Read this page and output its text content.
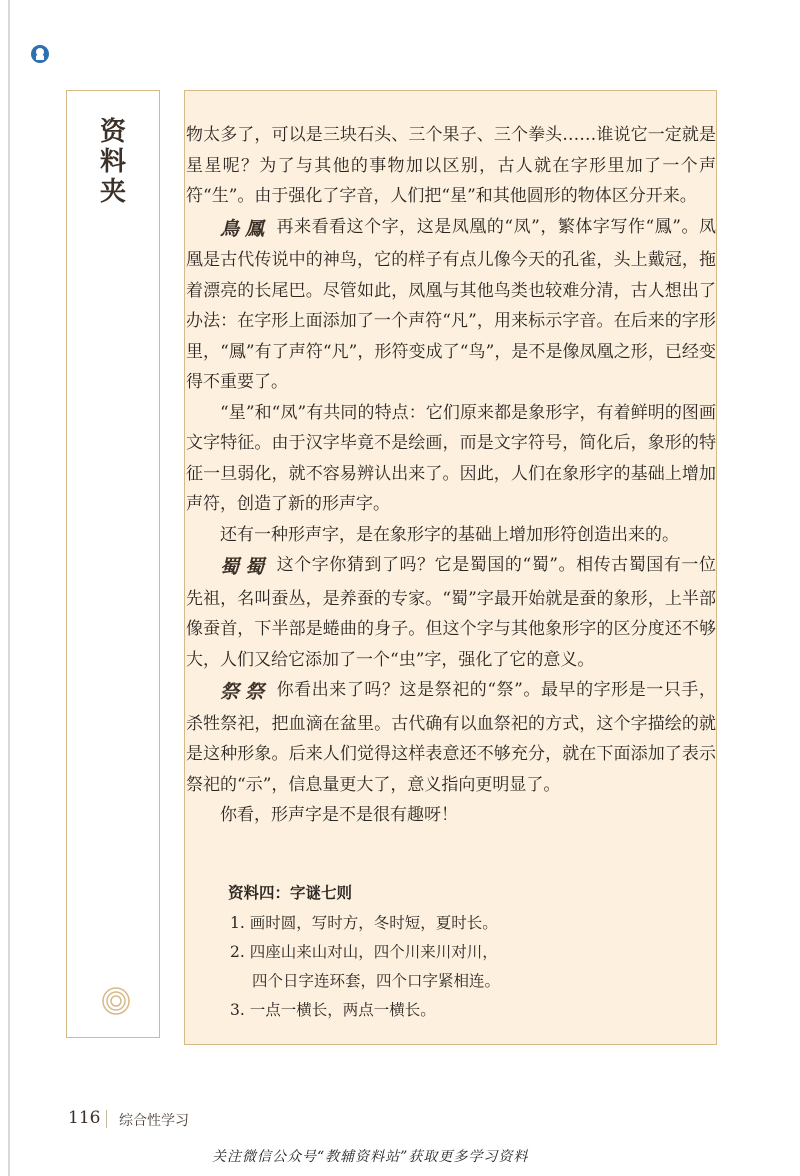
资
料
夹

物太多了，可以是三块石头、三个果子、三个拳头……谁说它一定就是星星呢？为了与其他的事物加以区别，古人就在字形里加了一个声符“生”。由于强化了字音，人们把“星”和其他圆形的物体区分开来。

鳥 鳳 再来看看这个字，这是凤凰的“凤”，繁体字写作“鳳”。凤凰是古代传说中的神鸟，它的样子有点儿像今天的孔雀，头上戴冠，拖着漂亮的长尾巴。尽管如此，凤凰与其他鸟类也较难分清，古人想出了办法：在字形上面添加了一个声符“凡”，用来标示字音。在后来的字形里，“鳳”有了声符“凡”，形符变成了“鸟”，是不是像凤凰之形，已经变得不重要了。

“星”和“凤”有共同的特点：它们原来都是象形字，有着鲜明的图画文字特征。由于汉字毕竟不是绘画，而是文字符号，简化后，象形的特征一旦弱化，就不容易辨认出来了。因此，人们在象形字的基础上增加声符，创造了新的形声字。

还有一种形声字，是在象形字的基础上增加形符创造出来的。

蜀 蜀 这个字你猜到了吗？它是蜀国的“蜀”。相传古蜀国有一位先祖，名叫蚕丛，是养蚕的专家。“蜀”字最开始就是蚕的象形，上半部像蚕首，下半部是蜷曲的身子。但这个字与其他象形字的区分度还不够大，人们又给它添加了一个“虫”字，强化了它的意义。

祭 祭 你看出来了吗？这是祭祀的“祭”。最早的字形是一只手，杀牲祭祀，把血滴在盆里。古代确有以血祭祀的方式，这个字描绘的就是这种形象。后来人们觉得这样表意还不够充分，就在下面添加了表示祭祀的“示”，信息量更大了，意义指向更明显了。

你看，形声字是不是很有趣呀！

资料四：字谜七则

1. 画时圆，写时方，冬时短，夏时长。

2. 四座山来山对山，四个川来川对川，

四个日字连环套，四个口字紧相连。

3. 一点一横长，两点一横长。

116 综合性学习
关注微信公众号“教辅资料站”获取更多学习资料
